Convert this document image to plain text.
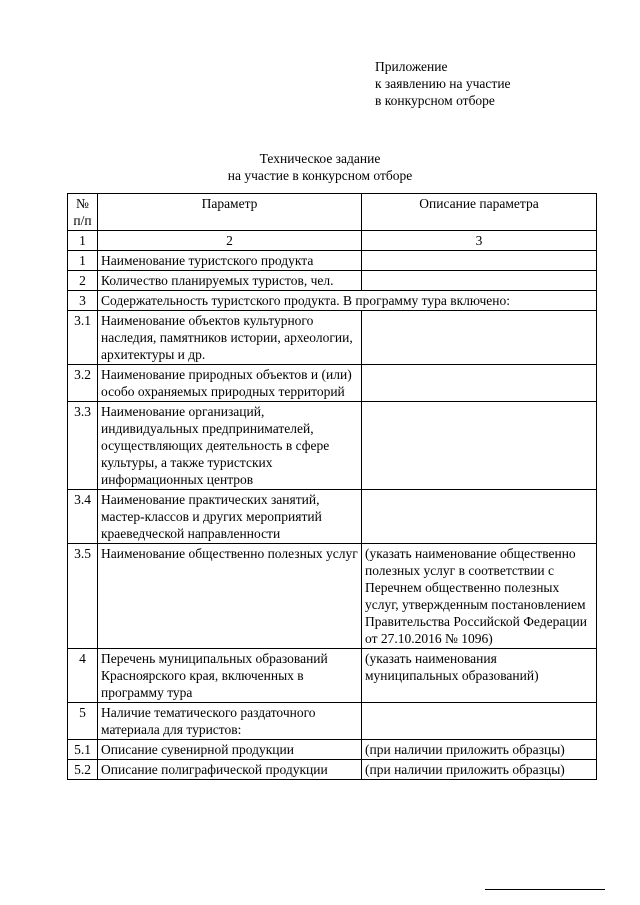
Приложение
к заявлению на участие
в конкурсном отборе
Техническое задание
на участие в конкурсном отборе
№
п/п	Параметр	Описание параметра
1	2	3
1	Наименование туристского продукта	
2	Количество планируемых туристов, чел.	
3	Содержательность туристского продукта. В программу тура включено:	
3.1	Наименование объектов культурного наследия, памятников истории, археологии, архитектуры и др.	
3.2	Наименование природных объектов и (или) особо охраняемых природных территорий	
3.3	Наименование организаций, индивидуальных предпринимателей, осуществляющих деятельность в сфере культуры, а также туристских информационных центров	
3.4	Наименование практических занятий, мастер-классов и других мероприятий краеведческой направленности	
3.5	Наименование общественно полезных услуг	(указать наименование общественно полезных услуг в соответствии с Перечнем общественно полезных услуг, утвержденным постановлением Правительства Российской Федерации от 27.10.2016 № 1096)
4	Перечень муниципальных образований Красноярского края, включенных в программу тура	(указать наименования муниципальных образований)
5	Наличие тематического раздаточного материала для туристов:	
5.1	Описание сувенирной продукции	(при наличии приложить образцы)
5.2	Описание полиграфической продукции	(при наличии приложить образцы)
